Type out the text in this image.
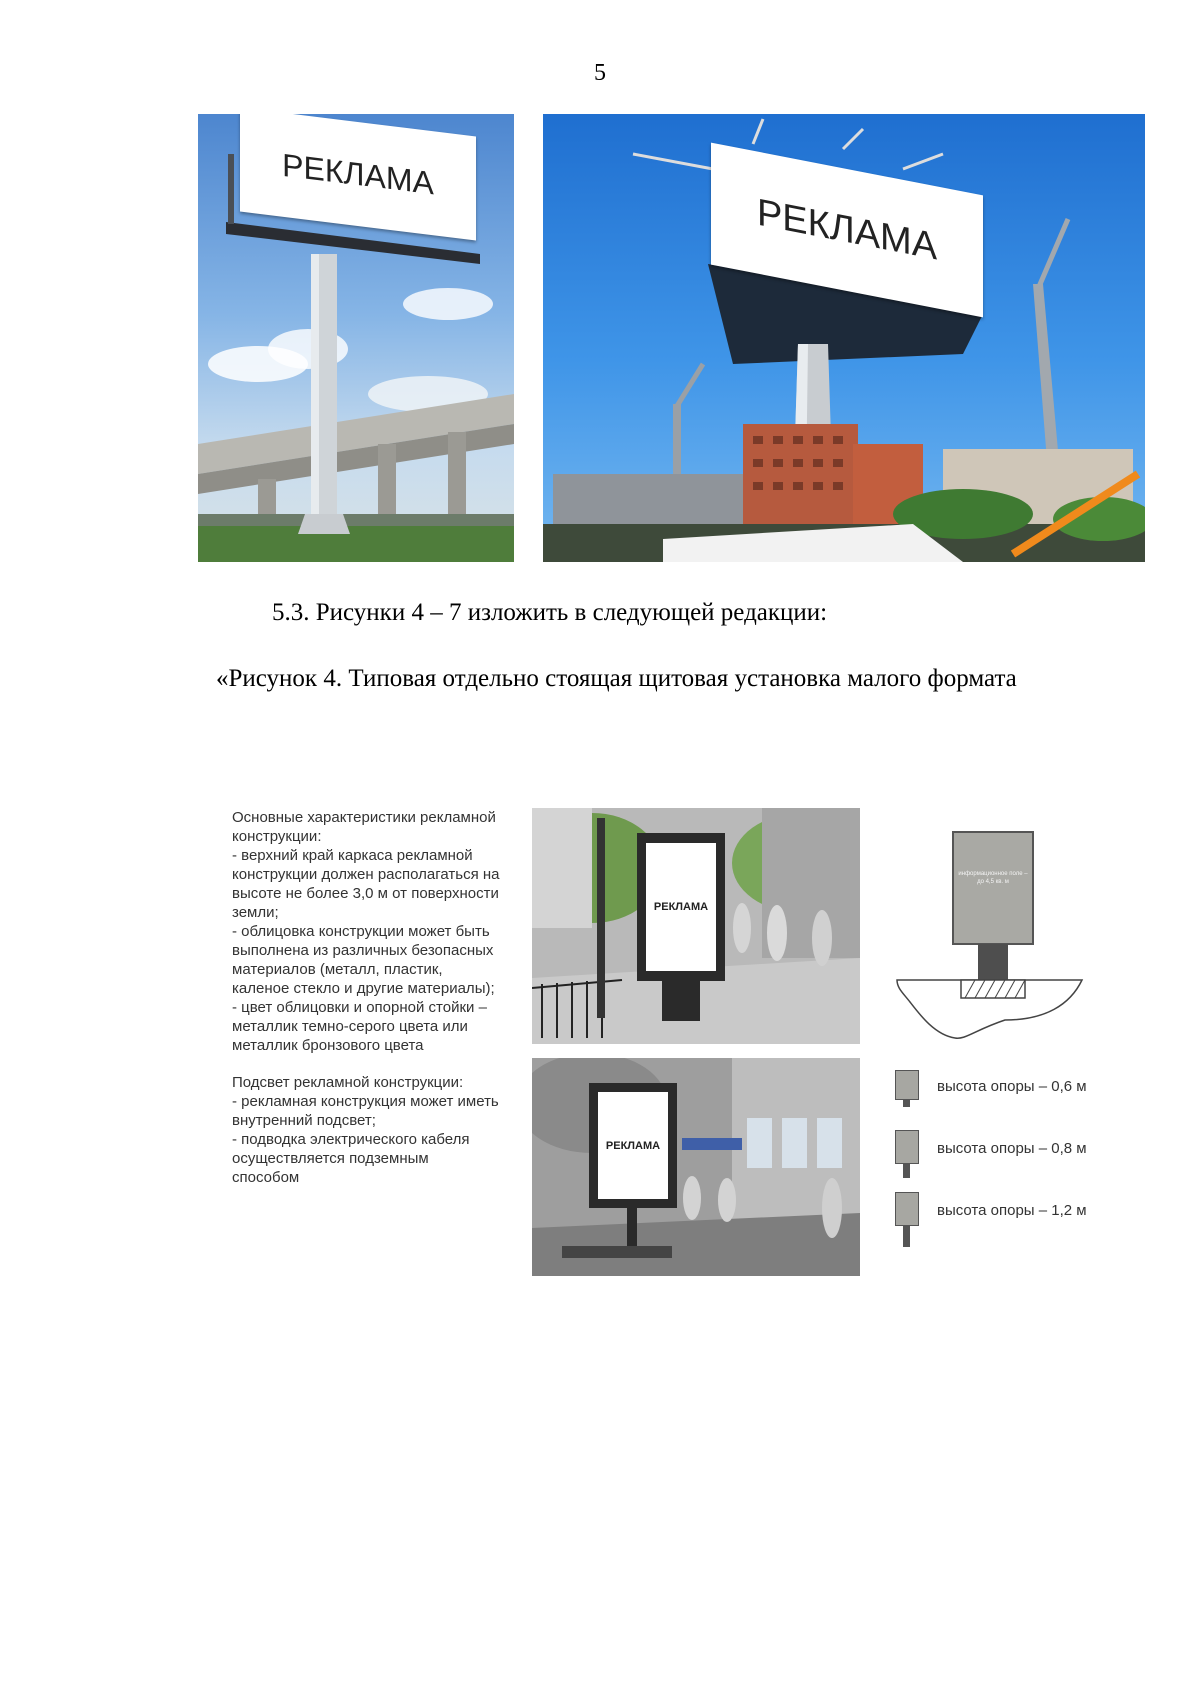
5
РЕКЛАМА
РЕКЛАМА
5.3. Рисунки 4 – 7 изложить в следующей редакции:
«Рисунок 4. Типовая отдельно стоящая щитовая установка малого формата

Основные характеристики рекламной конструкции:

- верхний край каркаса рекламной конструкции должен располагаться на высоте не более 3,0 м от поверхности земли;

- облицовка конструкции может быть выполнена из различных безопасных материалов (металл, пластик, каленое стекло и другие материалы);

- цвет облицовки и опорной стойки – металлик темно-серого цвета или металлик бронзового цвета

Подсвет рекламной конструкции:

- рекламная конструкция может иметь внутренний подсвет;

- подводка электрического кабеля осуществляется подземным способом

РЕКЛАМА
РЕКЛАМА
информационное поле – до 4,5 кв. м
высота опоры – 0,6 м
высота опоры – 0,8 м
высота опоры – 1,2 м
